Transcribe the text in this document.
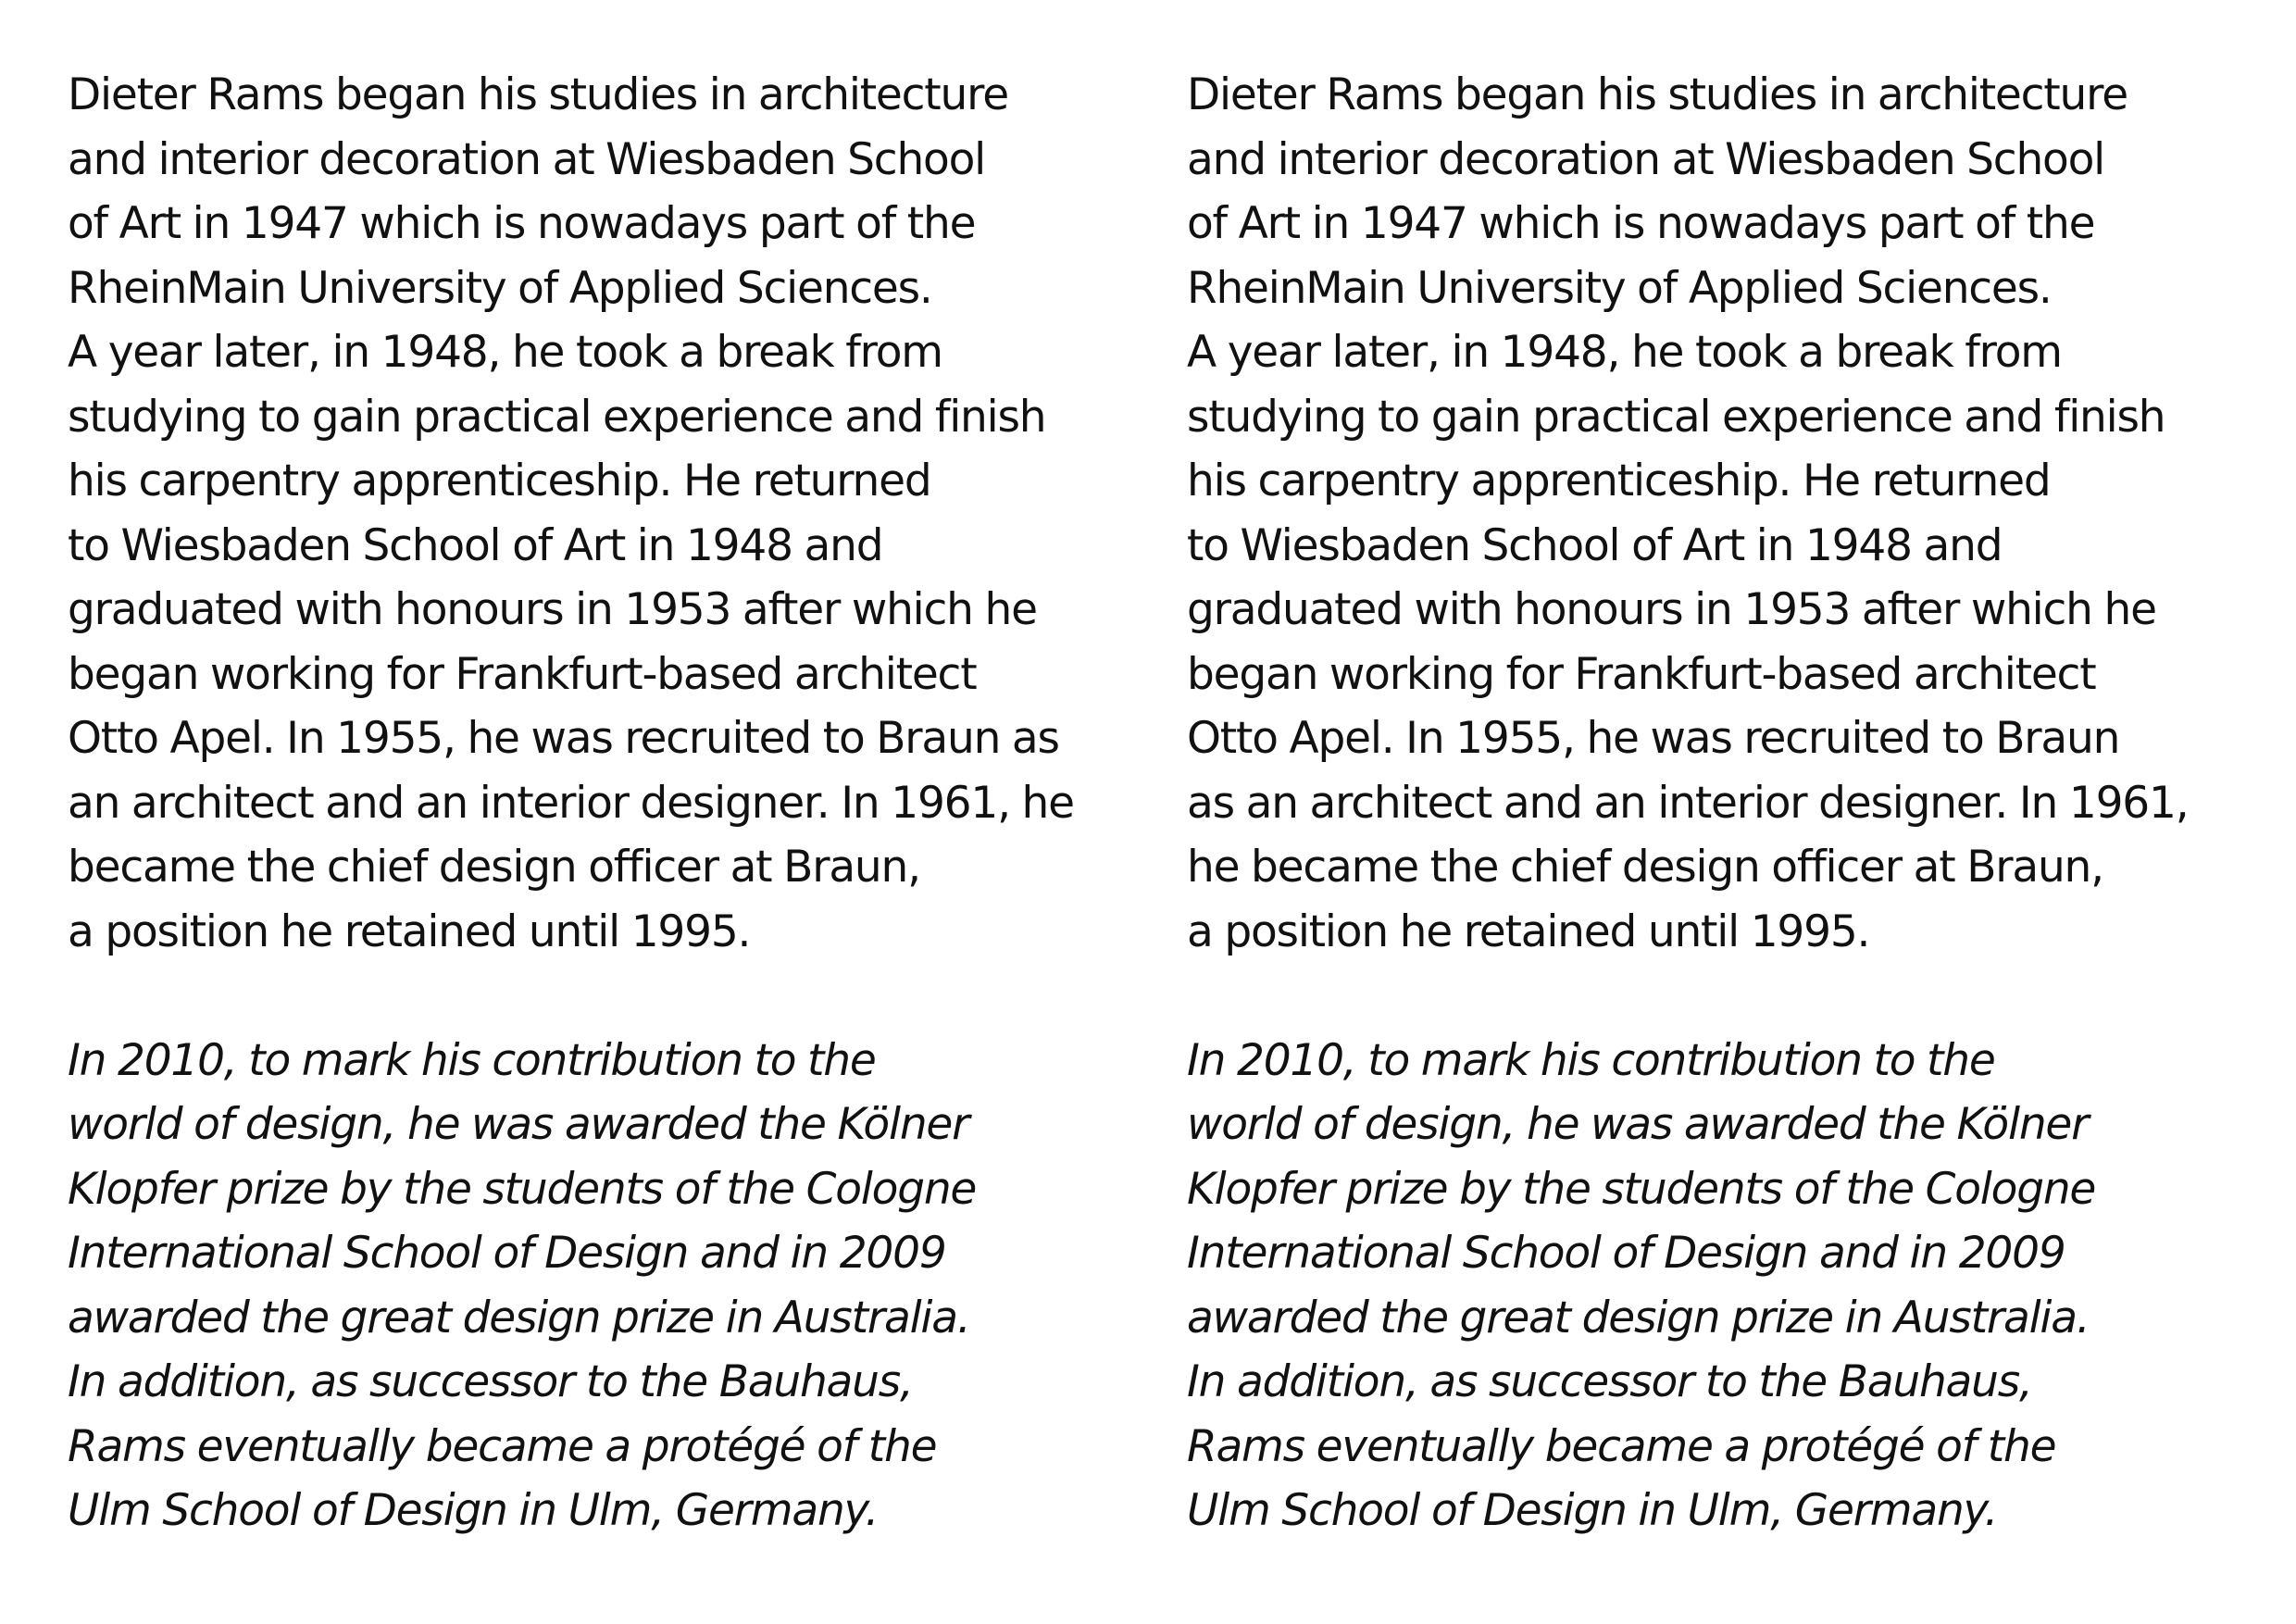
Dieter Rams began his studies in architecture
and interior decoration at Wiesbaden School
of Art in 1947 which is nowadays part of the
RheinMain University of Applied Sciences.
A year later, in 1948, he took a break from
studying to gain practical experience and finish
his carpentry apprenticeship. He returned
to Wiesbaden School of Art in 1948 and
graduated with honours in 1953 after which he
began working for Frankfurt-based architect
Otto Apel. In 1955, he was recruited to Braun as
an architect and an interior designer. In 1961, he
became the chief design officer at Braun,
a position he retained until 1995.
In 2010, to mark his contribution to the
world of design, he was awarded the Kölner
Klopfer prize by the students of the Cologne
International School of Design and in 2009
awarded the great design prize in Australia.
In addition, as successor to the Bauhaus,
Rams eventually became a protégé of the
Ulm School of Design in Ulm, Germany.
Dieter Rams began his studies in architecture
and interior decoration at Wiesbaden School
of Art in 1947 which is nowadays part of the
RheinMain University of Applied Sciences.
A year later, in 1948, he took a break from
studying to gain practical experience and finish
his carpentry apprenticeship. He returned
to Wiesbaden School of Art in 1948 and
graduated with honours in 1953 after which he
began working for Frankfurt-based architect
Otto Apel. In 1955, he was recruited to Braun
as an architect and an interior designer. In 1961,
he became the chief design officer at Braun,
a position he retained until 1995.
In 2010, to mark his contribution to the
world of design, he was awarded the Kölner
Klopfer prize by the students of the Cologne
International School of Design and in 2009
awarded the great design prize in Australia.
In addition, as successor to the Bauhaus,
Rams eventually became a protégé of the
Ulm School of Design in Ulm, Germany.
